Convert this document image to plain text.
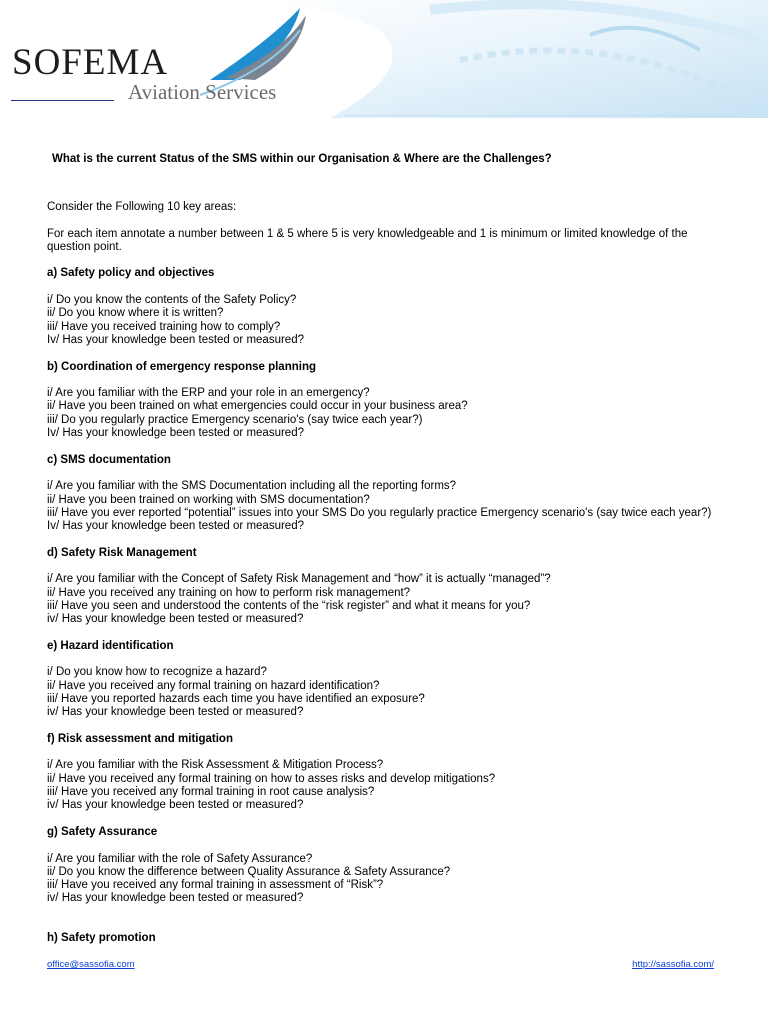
SOFEMA
Aviation Services
What is the current Status of the SMS within our Organisation & Where are the Challenges?

Consider the Following 10 key areas:

For each item annotate a number between 1 & 5 where 5 is very knowledgeable and 1 is minimum or limited knowledge of the question point.

a) Safety policy and objectives

i/ Do you know the contents of the Safety Policy?

ii/ Do you know where it is written?

iii/ Have you received training how to comply?

Iv/ Has your knowledge been tested or measured?

b) Coordination of emergency response planning

i/ Are you familiar with the ERP and your role in an emergency?

ii/ Have you been trained on what emergencies could occur in your business area?

iii/ Do you regularly practice Emergency scenario's (say twice each year?)

Iv/ Has your knowledge been tested or measured?

c) SMS documentation

i/ Are you familiar with the SMS Documentation including all the reporting forms?

ii/ Have you been trained on working with SMS documentation?

iii/ Have you ever reported “potential” issues into your SMS Do you regularly practice Emergency scenario's (say twice each year?)

Iv/ Has your knowledge been tested or measured?

d) Safety Risk Management

i/ Are you familiar with the Concept of Safety Risk Management and “how” it is actually “managed”?

ii/ Have you received any training on how to perform risk management?

iii/ Have you seen and understood the contents of the “risk register” and what it means for you?

iv/ Has your knowledge been tested or measured?

e) Hazard identification

i/ Do you know how to recognize a hazard?

ii/ Have you received any formal training on hazard identification?

iii/ Have you reported hazards each time you have identified an exposure?

iv/ Has your knowledge been tested or measured?

f) Risk assessment and mitigation

i/ Are you familiar with the Risk Assessment & Mitigation Process?

ii/ Have you received any formal training on how to asses risks and develop mitigations?

iii/ Have you received any formal training in root cause analysis?

iv/ Has your knowledge been tested or measured?

g) Safety Assurance

i/ Are you familiar with the role of Safety Assurance?

ii/ Do you know the difference between Quality Assurance & Safety Assurance?

iii/ Have you received any formal training in assessment of “Risk”?

iv/ Has your knowledge been tested or measured?

h) Safety promotion

office@sassofia.com	http://sassofia.com/
